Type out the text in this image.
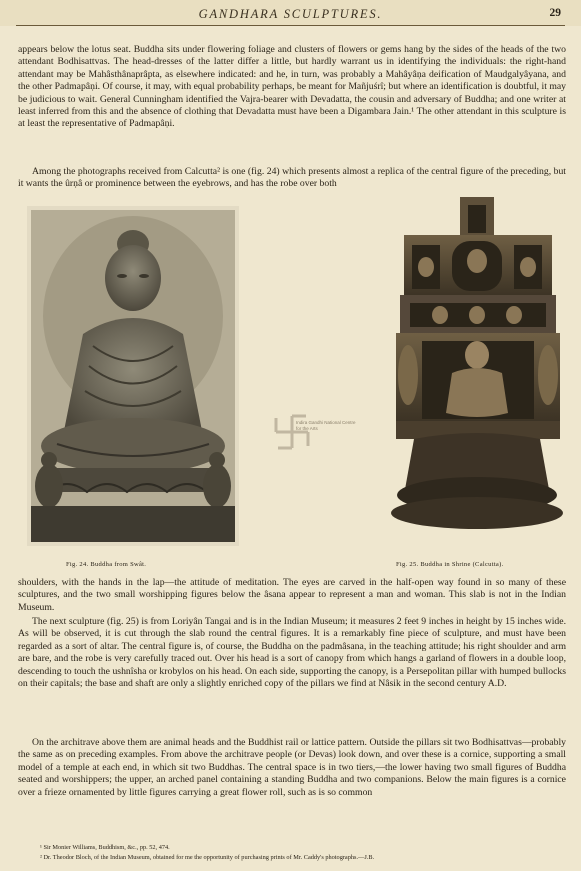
GANDHARA SCULPTURES.	29

appears below the lotus seat. Buddha sits under flowering foliage and clusters of flowers or gems hang by the sides of the heads of the two attendant Bodhisattvas. The head-dresses of the latter differ a little, but hardly warrant us in identifying the individuals: the right-hand attendant may be Mahâsthânaprâpta, as elsewhere indicated: and he, in turn, was probably a Mahâyâṇa deification of Maudgalyâyana, and the other Padmapâṇi. Of course, it may, with equal probability perhaps, be meant for Mañjuśrî; but where an identification is doubtful, it may be judicious to wait. General Cunningham identified the Vajra-bearer with Devadatta, the cousin and adversary of Buddha; and one writer at least inferred from this and the absence of clothing that Devadatta must have been a Digambara Jain.¹ The other attendant in this sculpture is at least the representative of Padmapâṇi.

Among the photographs received from Calcutta² is one (fig. 24) which presents almost a replica of the central figure of the preceding, but it wants the ûrṇâ or prominence between the eyebrows, and has the robe over both

Fig. 24. Buddha from Swât.	Fig. 25. Buddha in Shrine (Calcutta).
Indira Gandhi National Centre for the Arts

shoulders, with the hands in the lap—the attitude of meditation. The eyes are carved in the half-open way found in so many of these sculptures, and the two small worshipping figures below the âsana appear to represent a man and woman. This slab is not in the Indian Museum.

The next sculpture (fig. 25) is from Loriyân Tangai and is in the Indian Museum; it measures 2 feet 9 inches in height by 15 inches wide. As will be observed, it is cut through the slab round the central figures. It is a remarkably fine piece of sculpture, and must have been regarded as a sort of altar. The central figure is, of course, the Buddha on the padmâsana, in the teaching attitude; his right shoulder and arm are bare, and the robe is very carefully traced out. Over his head is a sort of canopy from which hangs a garland of flowers in a double loop, descending to touch the ushnîsha or krobylos on his head. On each side, supporting the canopy, is a Persepolitan pillar with humped bullocks on their capitals; the base and shaft are only a slightly enriched copy of the pillars we find at Nâsik in the second century A.D.

On the architrave above them are animal heads and the Buddhist rail or lattice pattern. Outside the pillars sit two Bodhisattvas—probably the same as on preceding examples. From above the architrave people (or Devas) look down, and over these is a cornice, supporting a small model of a temple at each end, in which sit two Buddhas. The central space is in two tiers,—the lower having two small figures of Buddha seated and worshippers; the upper, an arched panel containing a standing Buddha and two companions. Below the main figures is a cornice over a frieze ornamented by little figures carrying a great flower roll, such as is so common

¹ Sir Monier Williams, Buddhism, &c., pp. 52, 474.

² Dr. Theodor Bloch, of the Indian Museum, obtained for me the opportunity of purchasing prints of Mr. Caddy's photographs.—J.B.
